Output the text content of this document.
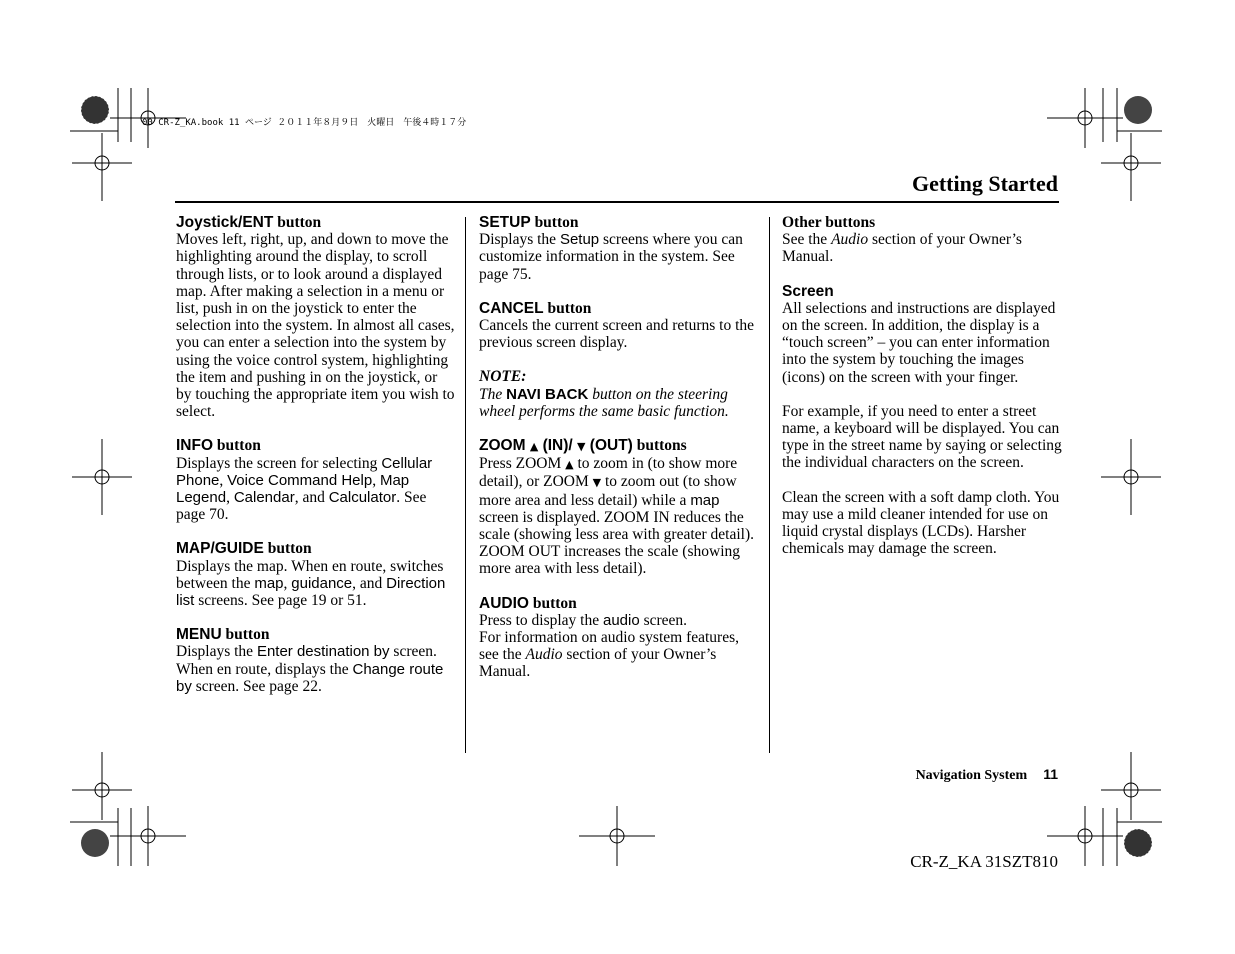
00 CR-Z_KA.book 11 ページ ２０１１年８月９日　火曜日　午後４時１７分
Getting Started

Joystick/ENT button

Moves left, right, up, and down to move the highlighting around the display, to scroll through lists, or to look around a displayed map. After making a selection in a menu or list, push in on the joystick to enter the selection into the system. In almost all cases, you can enter a selection into the system by using the voice control system, highlighting the item and pushing in on the joystick, or by touching the appropriate item you wish to select.

INFO button

Displays the screen for selecting Cellular Phone, Voice Command Help, Map Legend, Calendar, and Calculator. See page 70.

MAP/GUIDE button

Displays the map. When en route, switches between the map, guidance, and Direction list screens. See page 19 or 51.

MENU button

Displays the Enter destination by screen. When en route, displays the Change route by screen. See page 22.

SETUP button

Displays the Setup screens where you can customize information in the system. See page 75.

CANCEL button

Cancels the current screen and returns to the previous screen display.

NOTE:

The NAVI BACK button on the steering wheel performs the same basic function.

ZOOM ▲ (IN)/ ▼ (OUT) buttons

Press ZOOM ▲ to zoom in (to show more detail), or ZOOM ▼ to zoom out (to show more area and less detail) while a map screen is displayed. ZOOM IN reduces the scale (showing less area with greater detail). ZOOM OUT increases the scale (showing more area with less detail).

AUDIO button

Press to display the audio screen.

For information on audio system features, see the Audio section of your Owner’s Manual.

Other buttons

See the Audio section of your Owner’s Manual.

Screen

All selections and instructions are displayed on the screen. In addition, the display is a “touch screen” – you can enter information into the system by touching the images (icons) on the screen with your finger.

For example, if you need to enter a street name, a keyboard will be displayed. You can type in the street name by saying or selecting the individual characters on the screen.

Clean the screen with a soft damp cloth. You may use a mild cleaner intended for use on liquid crystal displays (LCDs). Harsher chemicals may damage the screen.

Navigation System 11
CR-Z_KA 31SZT810
